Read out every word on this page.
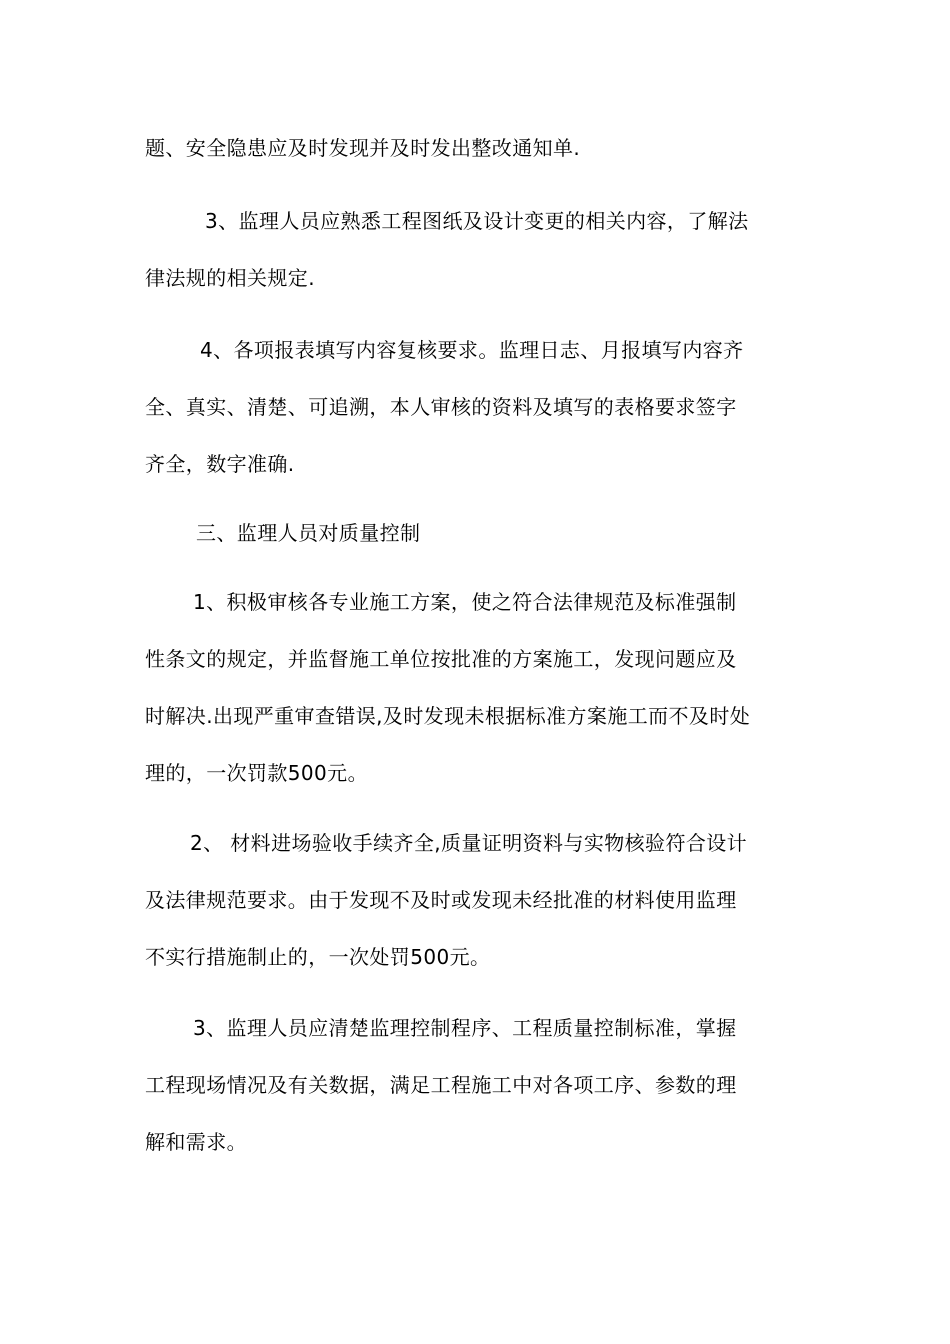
题、安全隐患应及时发现并及时发出整改通知单.
3、监理人员应熟悉工程图纸及设计变更的相关内容，了解法
律法规的相关规定.
4、各项报表填写内容复核要求。监理日志、月报填写内容齐
全、真实、清楚、可追溯，本人审核的资料及填写的表格要求签字
齐全，数字准确.
三、监理人员对质量控制
1、积极审核各专业施工方案，使之符合法律规范及标准强制
性条文的规定，并监督施工单位按批准的方案施工，发现问题应及
时解决.出现严重审查错误,及时发现未根据标准方案施工而不及时处
理的，一次罚款500元。
2、 材料进场验收手续齐全,质量证明资料与实物核验符合设计
及法律规范要求。由于发现不及时或发现未经批准的材料使用监理
不实行措施制止的，一次处罚500元。
3、监理人员应清楚监理控制程序、工程质量控制标准，掌握
工程现场情况及有关数据，满足工程施工中对各项工序、参数的理
解和需求。
